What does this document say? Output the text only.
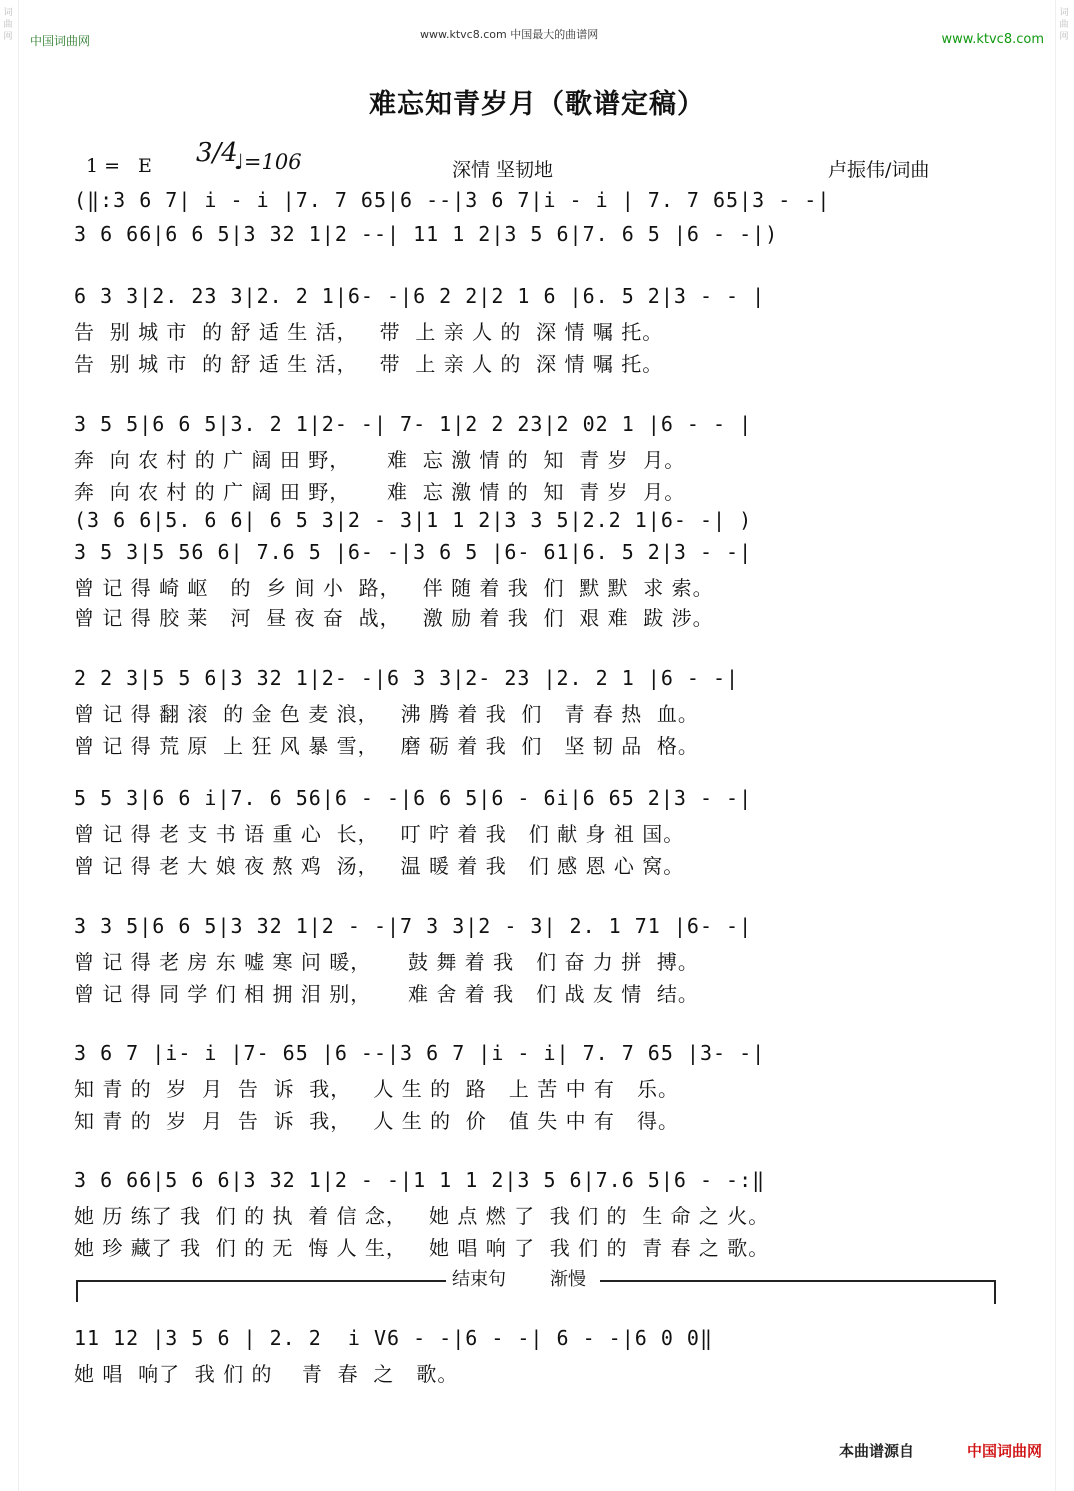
词
曲
网
词
曲
网
中国词曲网	www.ktvc8.com 中国最大的曲谱网	www.ktvc8.com
难忘知青岁月（歌谱定稿）
1= E 3/4
♩=106	深情 坚韧地	卢振伟/词曲
(‖:3 6 7| i - i |7. 7 65|6 --|3 6 7|i - i | 7. 7 65|3 - -|
3 6 66|6 6 5|3 32 1|2 --| 11 1 2|3 5 6|7. 6 5 |6 - -|)
6 3 3|2. 23 3|2. 2 1|6- -|6 2 2|2 1 6 |6. 5 2|3 - - |
告  别 城 市  的 舒 适 生 活，   带  上 亲 人 的  深 情 嘱 托。
告  别 城 市  的 舒 适 生 活，   带  上 亲 人 的  深 情 嘱 托。
3 5 5|6 6 5|3. 2 1|2- -| 7- 1|2 2 23|2 02 1 |6 - - |
奔  向 农 村 的 广 阔 田 野，     难  忘 激 情 的  知  青 岁  月。
奔  向 农 村 的 广 阔 田 野，     难  忘 激 情 的  知  青 岁  月。
(3 6 6|5. 6 6| 6 5 3|2 - 3|1 1 2|3 3 5|2.2 1|6- -| )
3 5 3|5 56 6| 7.6 5 |6- -|3 6 5 |6- 61|6. 5 2|3 - -|
曾 记 得 崎 岖   的  乡 间 小  路，   伴 随 着 我  们  默 默  求 索。
曾 记 得 胶 莱   河  昼 夜 奋  战，   激 励 着 我  们  艰 难  跋 涉。
2 2 3|5 5 6|3 32 1|2- -|6 3 3|2- 23 |2. 2 1 |6 - -|
曾 记 得 翻 滚  的 金 色 麦 浪，   沸 腾 着 我  们   青 春 热  血。
曾 记 得 荒 原  上 狂 风 暴 雪，   磨 砺 着 我  们   坚 韧 品  格。
5 5 3|6 6 i|7. 6 56|6 - -|6 6 5|6 - 6i|6 65 2|3 - -|
曾 记 得 老 支 书 语 重 心  长，   叮 咛 着 我   们 献 身 祖 国。
曾 记 得 老 大 娘 夜 熬 鸡  汤，   温 暖 着 我   们 感 恩 心 窝。
3 3 5|6 6 5|3 32 1|2 - -|7 3 3|2 - 3| 2. 1 71 |6- -|
曾 记 得 老 房 东 嘘 寒 问 暖，     鼓 舞 着 我   们 奋 力 拼  搏。
曾 记 得 同 学 们 相 拥 泪 别，     难 舍 着 我   们 战 友 情  结。
3 6 7 |i- i |7- 65 |6 --|3 6 7 |i - i| 7. 7 65 |3- -|
知 青 的  岁  月  告  诉  我，   人 生 的  路   上 苦 中 有   乐。
知 青 的  岁  月  告  诉  我，   人 生 的  价   值 失 中 有   得。
3 6 66|5 6 6|3 32 1|2 - -|1 1 1 2|3 5 6|7.6 5|6 - -:‖
她 历 练了 我  们 的 执  着 信 念，   她 点 燃 了  我 们 的  生 命 之 火。
她 珍 藏了 我  们 的 无  悔 人 生，   她 唱 响 了  我 们 的  青 春 之 歌。
结束句 渐慢
11 12 |3 5 6 | 2. 2  i V6 - -|6 - -| 6 - -|6 0 0‖
她 唱  响了  我 们 的    青  春  之   歌。
本曲谱源自	中国词曲网
